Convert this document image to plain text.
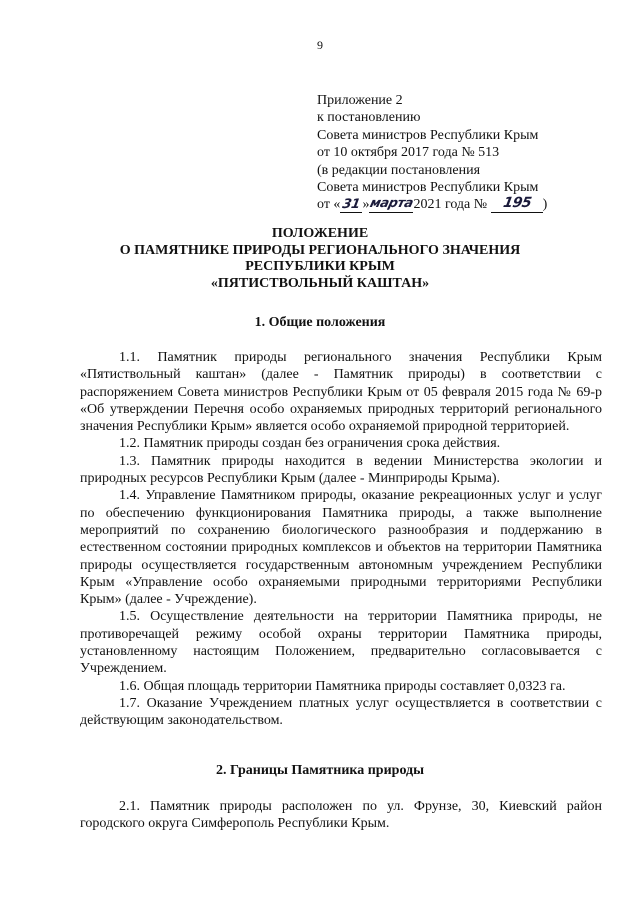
9
Приложение 2
к постановлению
Совета министров Республики Крым
от 10 октября 2017 года № 513
(в редакции постановления
Совета министров Республики Крым
от «31»марта2021 года № 195 )
ПОЛОЖЕНИЕ
О ПАМЯТНИКЕ ПРИРОДЫ РЕГИОНАЛЬНОГО ЗНАЧЕНИЯ
РЕСПУБЛИКИ КРЫМ
«ПЯТИСТВОЛЬНЫЙ КАШТАН»
1. Общие положения

1.1. Памятник природы регионального значения Республики Крым «Пятиствольный каштан» (далее - Памятник природы) в соответствии с распоряжением Совета министров Республики Крым от 05 февраля 2015 года № 69-р «Об утверждении Перечня особо охраняемых природных территорий регионального значения Республики Крым» является особо охраняемой природной территорией.

1.2. Памятник природы создан без ограничения срока действия.

1.3. Памятник природы находится в ведении Министерства экологии и природных ресурсов Республики Крым (далее - Минприроды Крыма).

1.4. Управление Памятником природы, оказание рекреационных услуг и услуг по обеспечению функционирования Памятника природы, а также выполнение мероприятий по сохранению биологического разнообразия и поддержанию в естественном состоянии природных комплексов и объектов на территории Памятника природы осуществляется государственным автономным учреждением Республики Крым «Управление особо охраняемыми природными территориями Республики Крым» (далее - Учреждение).

1.5. Осуществление деятельности на территории Памятника природы, не противоречащей режиму особой охраны территории Памятника природы, установленному настоящим Положением, предварительно согласовывается с Учреждением.

1.6. Общая площадь территории Памятника природы составляет 0,0323 га.

1.7. Оказание Учреждением платных услуг осуществляется в соответствии с действующим законодательством.

2. Границы Памятника природы

2.1. Памятник природы расположен по ул. Фрунзе, 30, Киевский район городского округа Симферополь Республики Крым.
